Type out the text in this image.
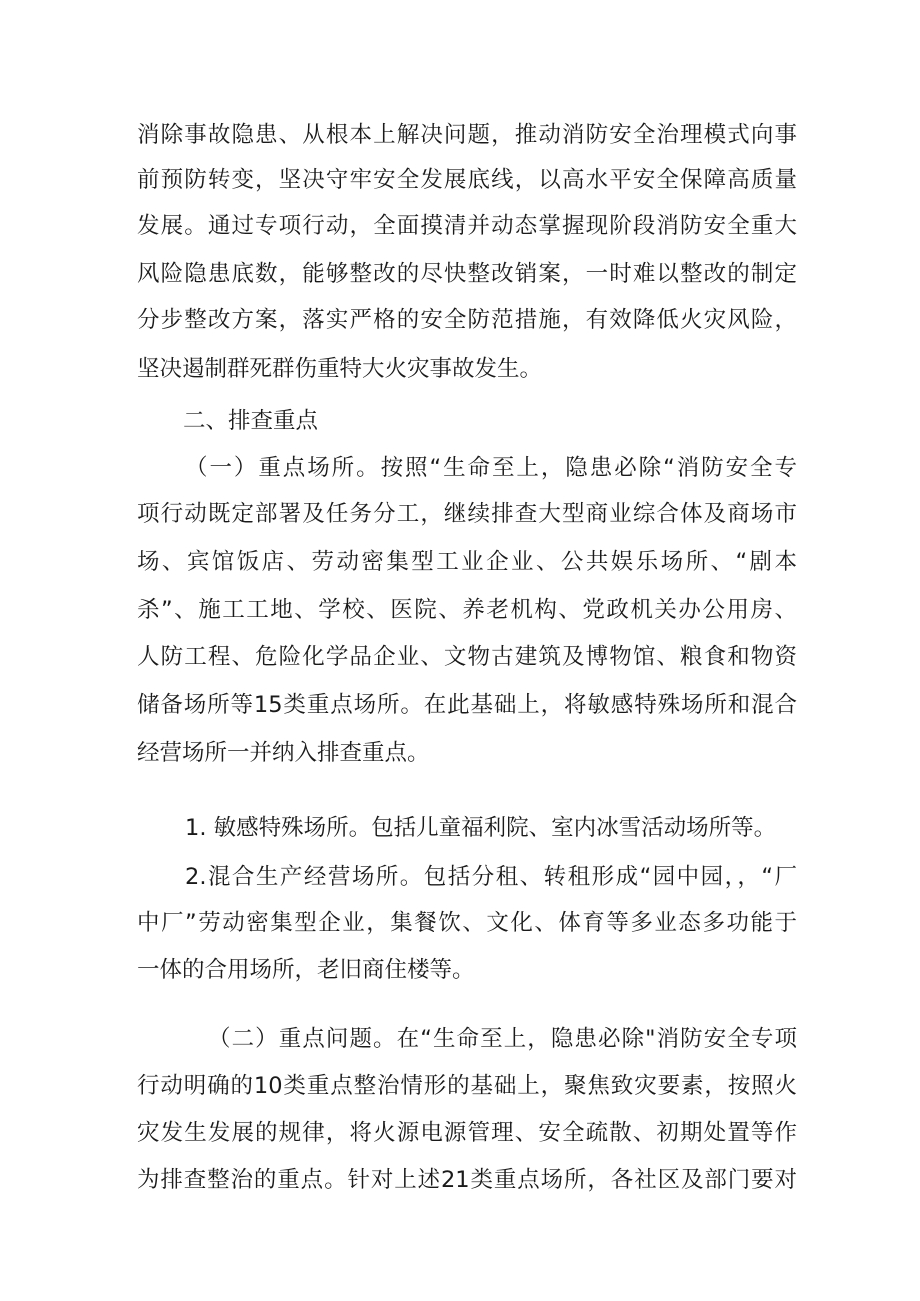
消除事故隐患、从根本上解决问题，推动消防安全治理模式向事
前预防转变，坚决守牢安全发展底线，以高水平安全保障高质量
发展。通过专项行动，全面摸清并动态掌握现阶段消防安全重大
风险隐患底数，能够整改的尽快整改销案，一时难以整改的制定
分步整改方案，落实严格的安全防范措施，有效降低火灾风险，
坚决遏制群死群伤重特大火灾事故发生。
二、排查重点
（一）重点场所。按照“生命至上，隐患必除“消防安全专
项行动既定部署及任务分工，继续排查大型商业综合体及商场市
场、宾馆饭店、劳动密集型工业企业、公共娱乐场所、“剧本
杀”、施工工地、学校、医院、养老机构、党政机关办公用房、
人防工程、危险化学品企业、文物古建筑及博物馆、粮食和物资
储备场所等15类重点场所。在此基础上，将敏感特殊场所和混合
经营场所一并纳入排查重点。
1. 敏感特殊场所。包括儿童福利院、室内冰雪活动场所等。
2.混合生产经营场所。包括分租、转租形成“园中园，，“厂
中厂”劳动密集型企业，集餐饮、文化、体育等多业态多功能于
一体的合用场所，老旧商住楼等。
（二）重点问题。在“生命至上，隐患必除"消防安全专项
行动明确的10类重点整治情形的基础上，聚焦致灾要素，按照火
灾发生发展的规律，将火源电源管理、安全疏散、初期处置等作
为排查整治的重点。针对上述21类重点场所，各社区及部门要对
